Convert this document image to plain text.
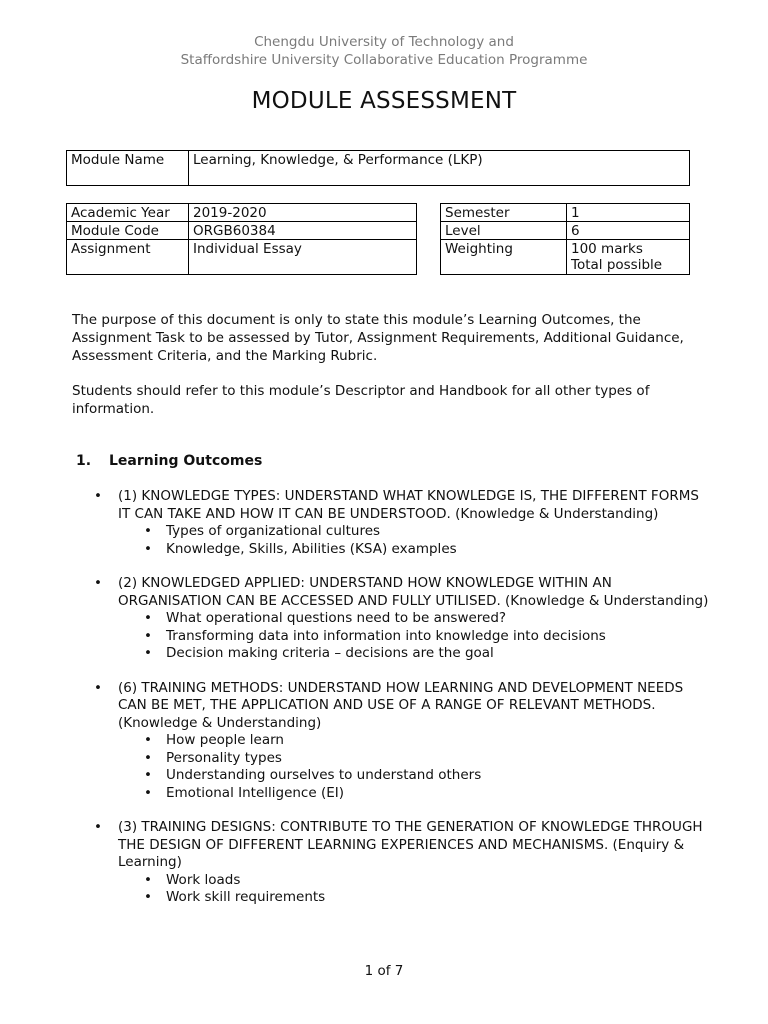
Chengdu University of Technology and
Staffordshire University Collaborative Education Programme
MODULE ASSESSMENT
Module Name	Learning, Knowledge, & Performance (LKP)
Academic Year	2019-2020
Module Code	ORGB60384
Assignment	Individual Essay
Semester	1
Level	6
Weighting	100 marks
Total possible

The purpose of this document is only to state this module’s Learning Outcomes, the Assignment Task to be assessed by Tutor, Assignment Requirements, Additional Guidance, Assessment Criteria, and the Marking Rubric.

Students should refer to this module’s Descriptor and Handbook for all other types of information.

1. Learning Outcomes
• (1) KNOWLEDGE TYPES: UNDERSTAND WHAT KNOWLEDGE IS, THE DIFFERENT FORMS IT CAN TAKE AND HOW IT CAN BE UNDERSTOOD. (Knowledge & Understanding)
• Types of organizational cultures
• Knowledge, Skills, Abilities (KSA) examples
• (2) KNOWLEDGED APPLIED: UNDERSTAND HOW KNOWLEDGE WITHIN AN ORGANISATION CAN BE ACCESSED AND FULLY UTILISED. (Knowledge & Understanding)
• What operational questions need to be answered?
• Transforming data into information into knowledge into decisions
• Decision making criteria – decisions are the goal
• (6) TRAINING METHODS: UNDERSTAND HOW LEARNING AND DEVELOPMENT NEEDS CAN BE MET, THE APPLICATION AND USE OF A RANGE OF RELEVANT METHODS. (Knowledge & Understanding)
• How people learn
• Personality types
• Understanding ourselves to understand others
• Emotional Intelligence (EI)
• (3) TRAINING DESIGNS: CONTRIBUTE TO THE GENERATION OF KNOWLEDGE THROUGH THE DESIGN OF DIFFERENT LEARNING EXPERIENCES AND MECHANISMS. (Enquiry & Learning)
• Work loads
• Work skill requirements
1 of 7
